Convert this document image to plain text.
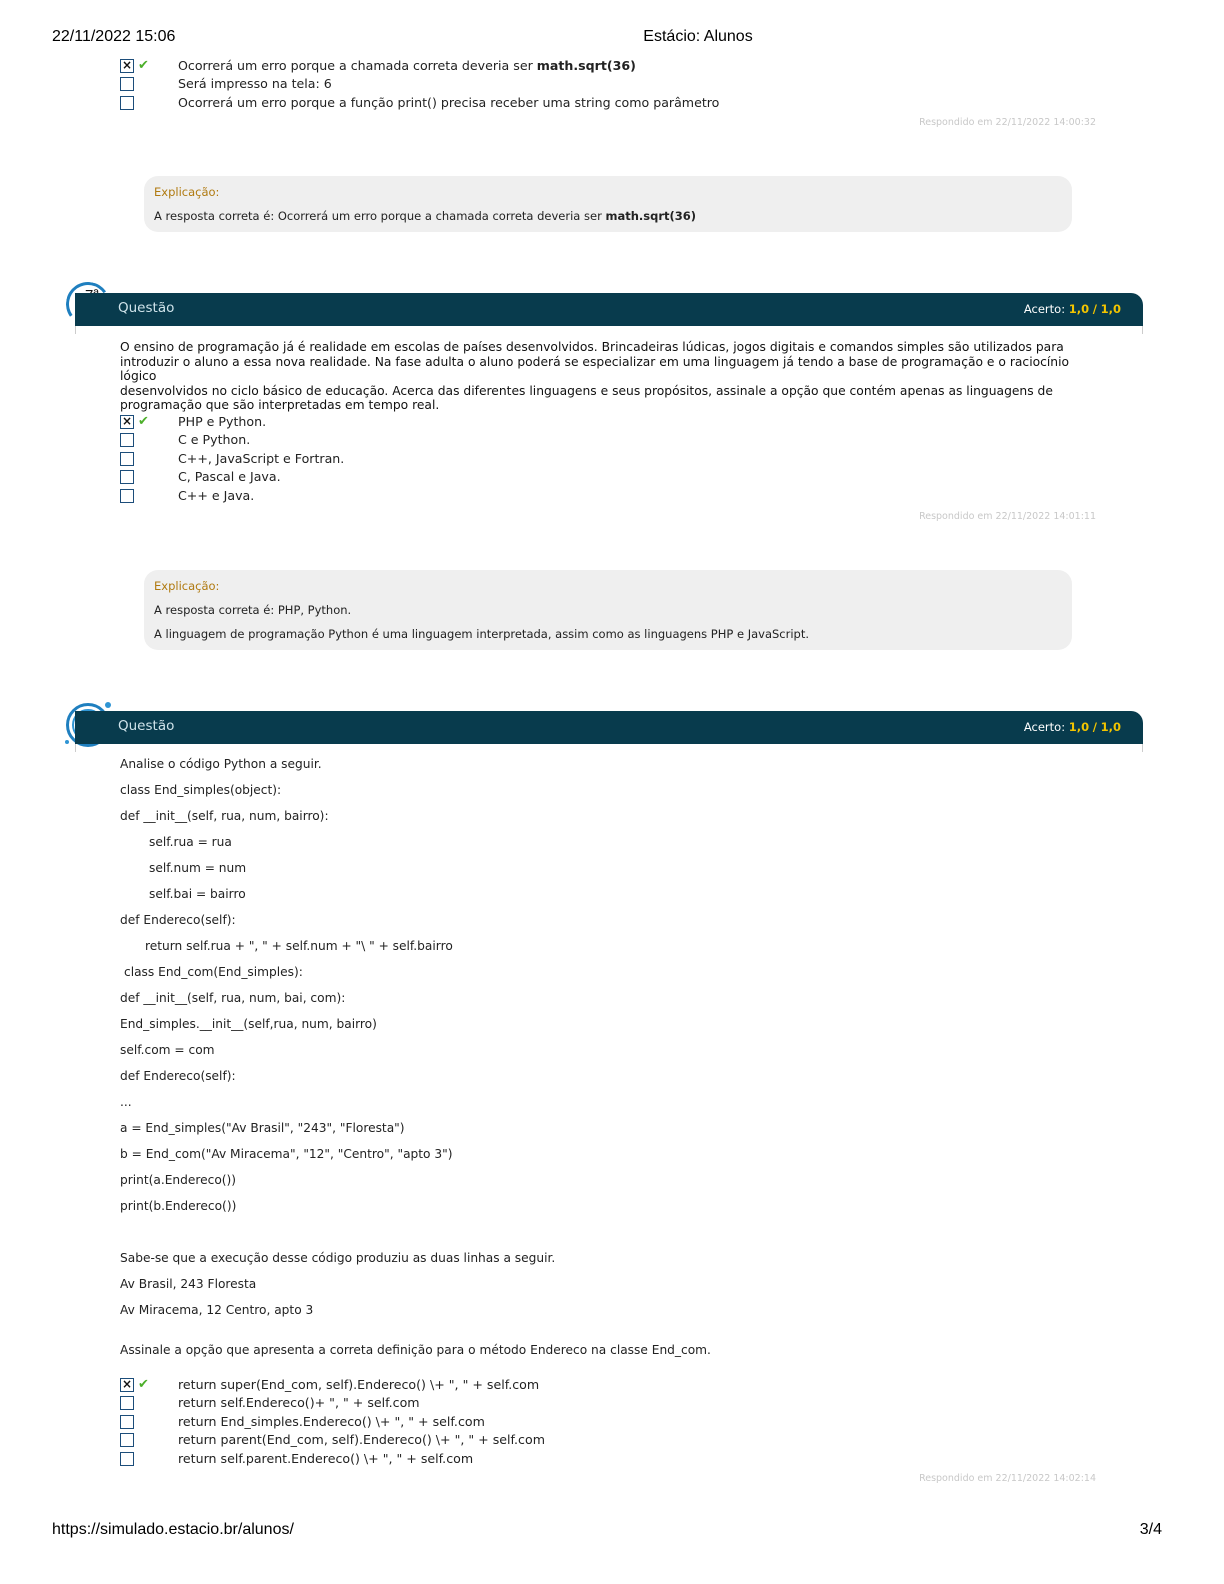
22/11/2022 15:06	Estácio: Alunos
× ✔ Ocorrerá um erro porque a chamada correta deveria ser math.sqrt(36)
Será impresso na tela: 6
Ocorrerá um erro porque a função print() precisa receber uma string como parâmetro
Respondido em 22/11/2022 14:00:32
Explicação:
A resposta correta é: Ocorrerá um erro porque a chamada correta deveria ser math.sqrt(36)
Questão	Acerto: 1,0 / 1,0
O ensino de programação já é realidade em escolas de países desenvolvidos. Brincadeiras lúdicas, jogos digitais e comandos simples são utilizados para
introduzir o aluno a essa nova realidade. Na fase adulta o aluno poderá se especializar em uma linguagem já tendo a base de programação e o raciocínio lógico
desenvolvidos no ciclo básico de educação. Acerca das diferentes linguagens e seus propósitos, assinale a opção que contém apenas as linguagens de
programação que são interpretadas em tempo real.
× ✔ PHP e Python.
C e Python.
C++, JavaScript e Fortran.
C, Pascal e Java.
C++ e Java.
Respondido em 22/11/2022 14:01:11
Explicação:
A resposta correta é: PHP, Python.
A linguagem de programação Python é uma linguagem interpretada, assim como as linguagens PHP e JavaScript.
Questão	Acerto: 1,0 / 1,0
Analise o código Python a seguir.
class End_simples(object):
def __init__(self, rua, num, bairro):
self.rua = rua
self.num = num
self.bai = bairro
def Endereco(self):
return self.rua + ", " + self.num + "\ " + self.bairro
class End_com(End_simples):
def __init__(self, rua, num, bai, com):
End_simples.__init__(self,rua, num, bairro)
self.com = com
def Endereco(self):
...
a = End_simples("Av Brasil", "243", "Floresta")
b = End_com("Av Miracema", "12", "Centro", "apto 3")
print(a.Endereco())
print(b.Endereco())
Sabe-se que a execução desse código produziu as duas linhas a seguir.
Av Brasil, 243 Floresta
Av Miracema, 12 Centro, apto 3
Assinale a opção que apresenta a correta definição para o método Endereco na classe End_com.
× ✔ return super(End_com, self).Endereco() \+ ", " + self.com
return self.Endereco()+ ", " + self.com
return End_simples.Endereco() \+ ", " + self.com
return parent(End_com, self).Endereco() \+ ", " + self.com
return self.parent.Endereco() \+ ", " + self.com
Respondido em 22/11/2022 14:02:14
https://simulado.estacio.br/alunos/	3/4
